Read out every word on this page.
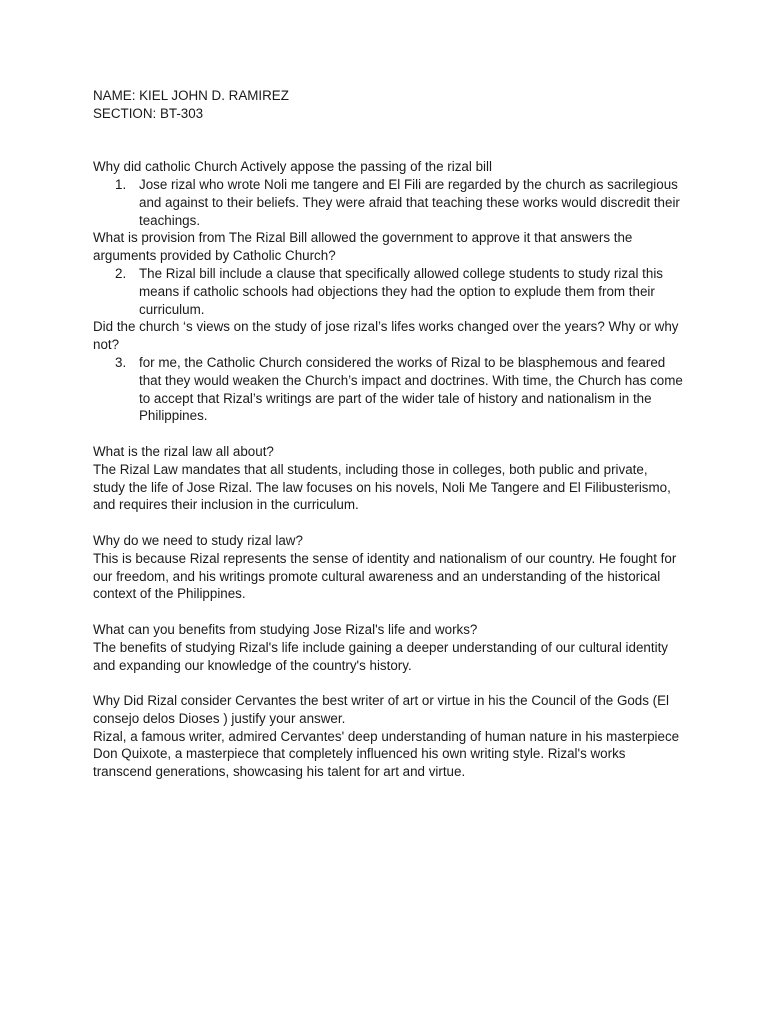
NAME: KIEL JOHN D. RAMIREZ
SECTION: BT-303
Why did catholic Church Actively appose the passing of the rizal bill
1. Jose rizal who wrote Noli me tangere and El Fili are regarded by the church as sacrilegious and against to their beliefs. They were afraid that teaching these works would discredit their teachings.
What is provision from The Rizal Bill allowed the government to approve it that answers the arguments provided by Catholic Church?
2. The Rizal bill include a clause that specifically allowed college students to study rizal this means if catholic schools had objections they had the option to explude them from their curriculum.
Did the church ‘s views on the study of jose rizal’s lifes works changed over the years? Why or why not?
3. for me, the Catholic Church considered the works of Rizal to be blasphemous and feared that they would weaken the Church’s impact and doctrines. With time, the Church has come to accept that Rizal’s writings are part of the wider tale of history and nationalism in the Philippines.
What is the rizal law all about?
The Rizal Law mandates that all students, including those in colleges, both public and private, study the life of Jose Rizal. The law focuses on his novels, Noli Me Tangere and El Filibusterismo, and requires their inclusion in the curriculum.
Why do we need to study rizal law?
This is because Rizal represents the sense of identity and nationalism of our country. He fought for our freedom, and his writings promote cultural awareness and an understanding of the historical context of the Philippines.
What can you benefits from studying Jose Rizal's life and works?
The benefits of studying Rizal's life include gaining a deeper understanding of our cultural identity and expanding our knowledge of the country's history.
Why Did Rizal consider Cervantes the best writer of art or virtue in his the Council of the Gods (El consejo delos Dioses ) justify your answer.
Rizal, a famous writer, admired Cervantes' deep understanding of human nature in his masterpiece Don Quixote, a masterpiece that completely influenced his own writing style. Rizal's works transcend generations, showcasing his talent for art and virtue.
